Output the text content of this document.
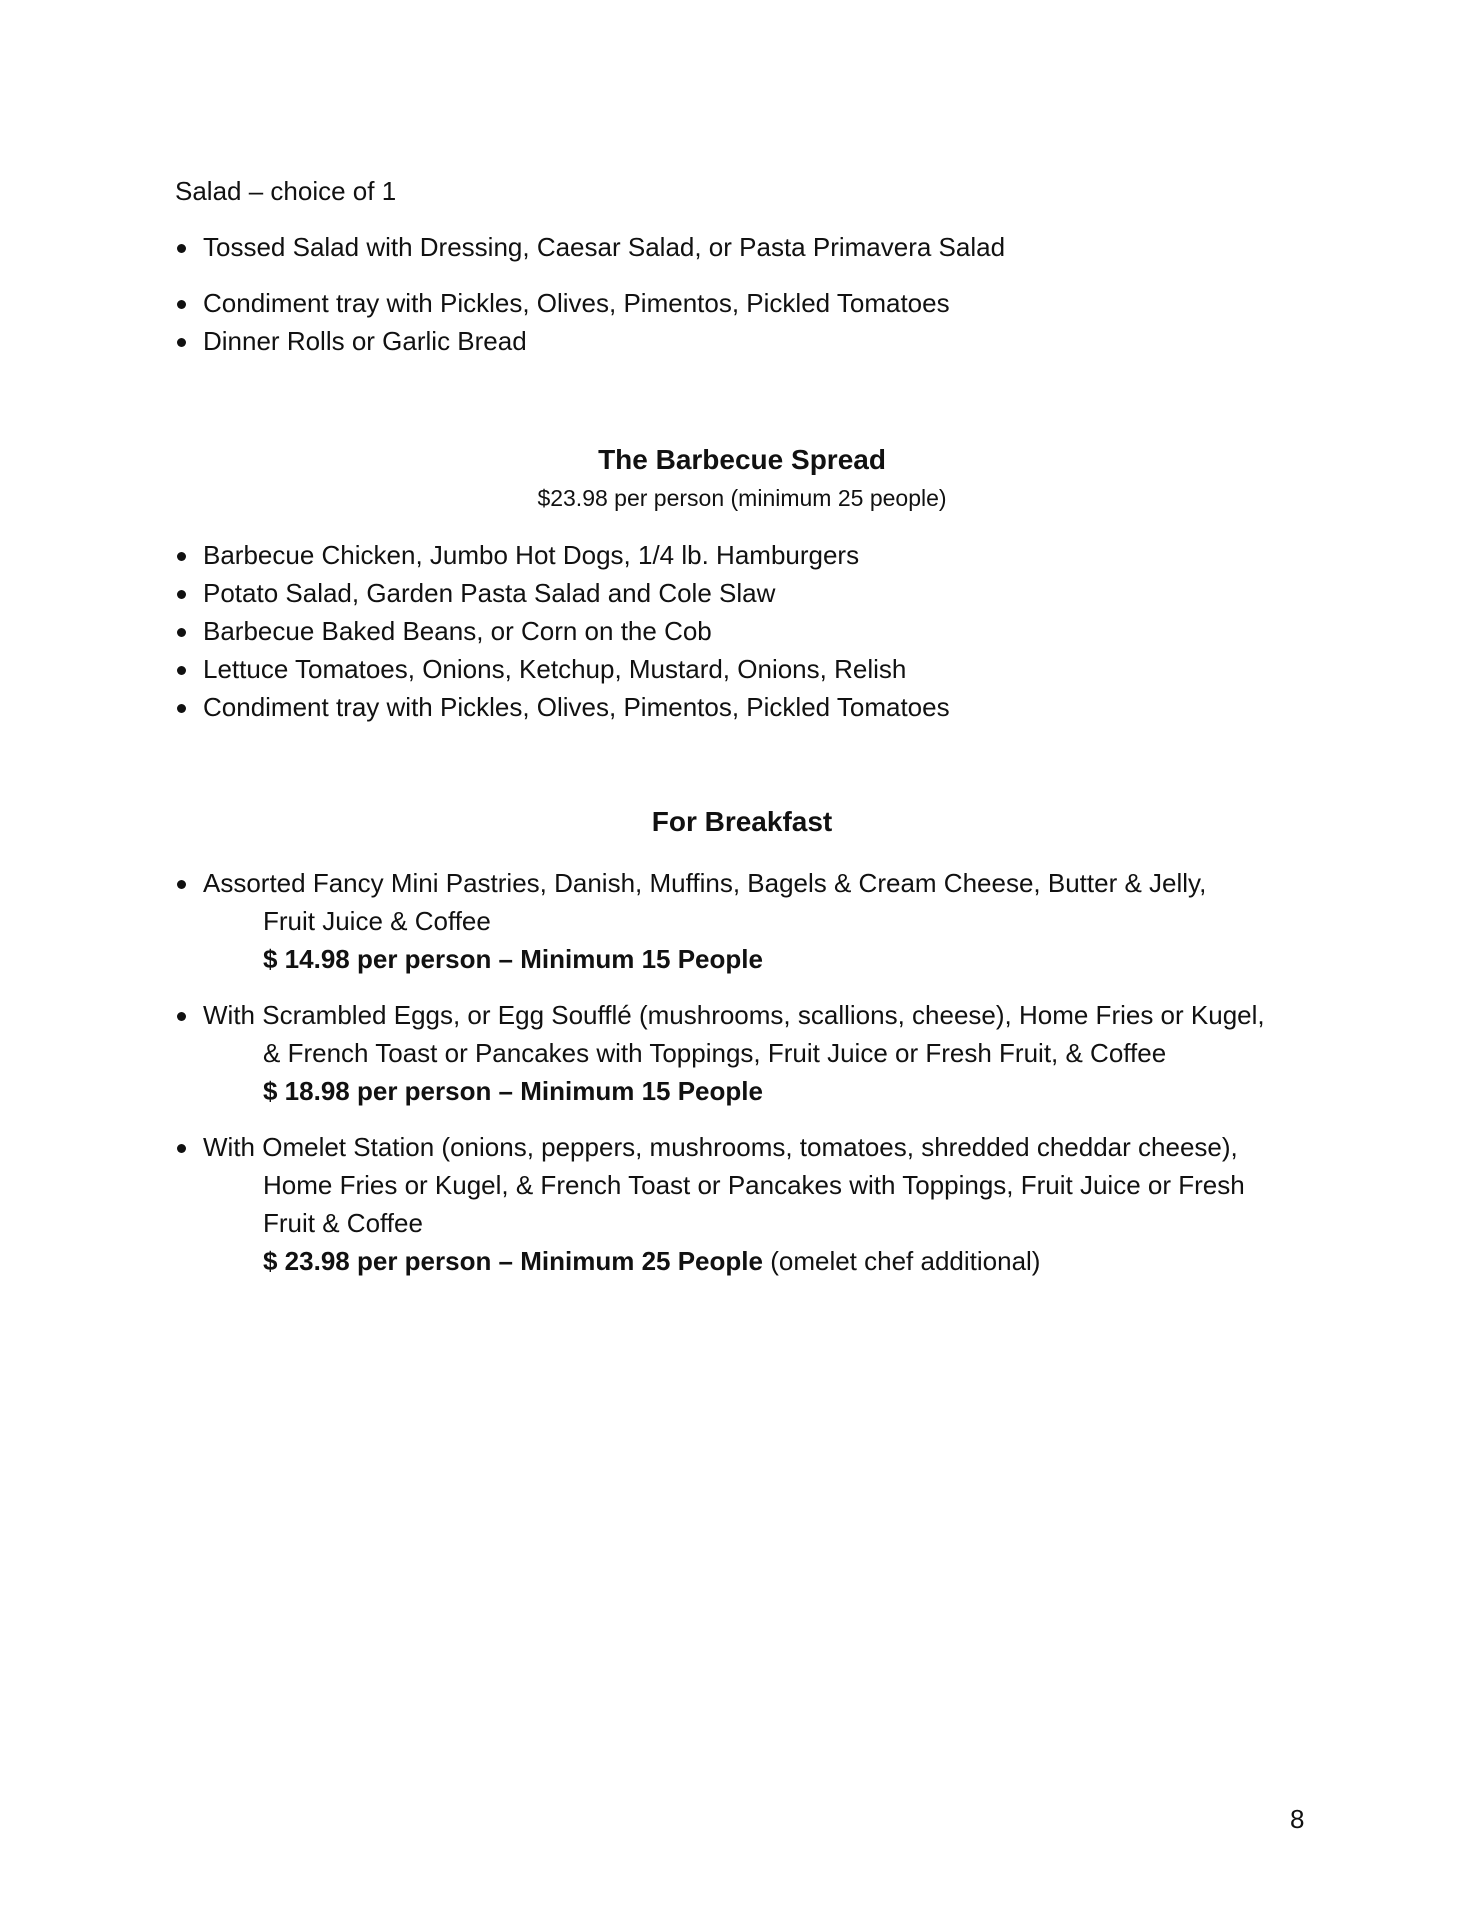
Salad – choice of 1
Tossed Salad with Dressing, Caesar Salad, or Pasta Primavera Salad
Condiment tray with Pickles, Olives, Pimentos, Pickled Tomatoes
Dinner Rolls or Garlic Bread
The Barbecue Spread
$23.98 per person (minimum 25 people)
Barbecue Chicken, Jumbo Hot Dogs, 1/4 lb. Hamburgers
Potato Salad, Garden Pasta Salad and Cole Slaw
Barbecue Baked Beans, or Corn on the Cob
Lettuce Tomatoes, Onions, Ketchup, Mustard, Onions, Relish
Condiment tray with Pickles, Olives, Pimentos, Pickled Tomatoes
For Breakfast
Assorted Fancy Mini Pastries, Danish, Muffins, Bagels & Cream Cheese, Butter & Jelly,
Fruit Juice & Coffee
$ 14.98 per person – Minimum 15 People
With Scrambled Eggs, or Egg Soufflé (mushrooms, scallions, cheese), Home Fries or Kugel,
& French Toast or Pancakes with Toppings, Fruit Juice or Fresh Fruit, & Coffee
$ 18.98 per person – Minimum 15 People
With Omelet Station (onions, peppers, mushrooms, tomatoes, shredded cheddar cheese),
Home Fries or Kugel, & French Toast or Pancakes with Toppings, Fruit Juice or Fresh
Fruit & Coffee
$ 23.98 per person – Minimum 25 People (omelet chef additional)
8
